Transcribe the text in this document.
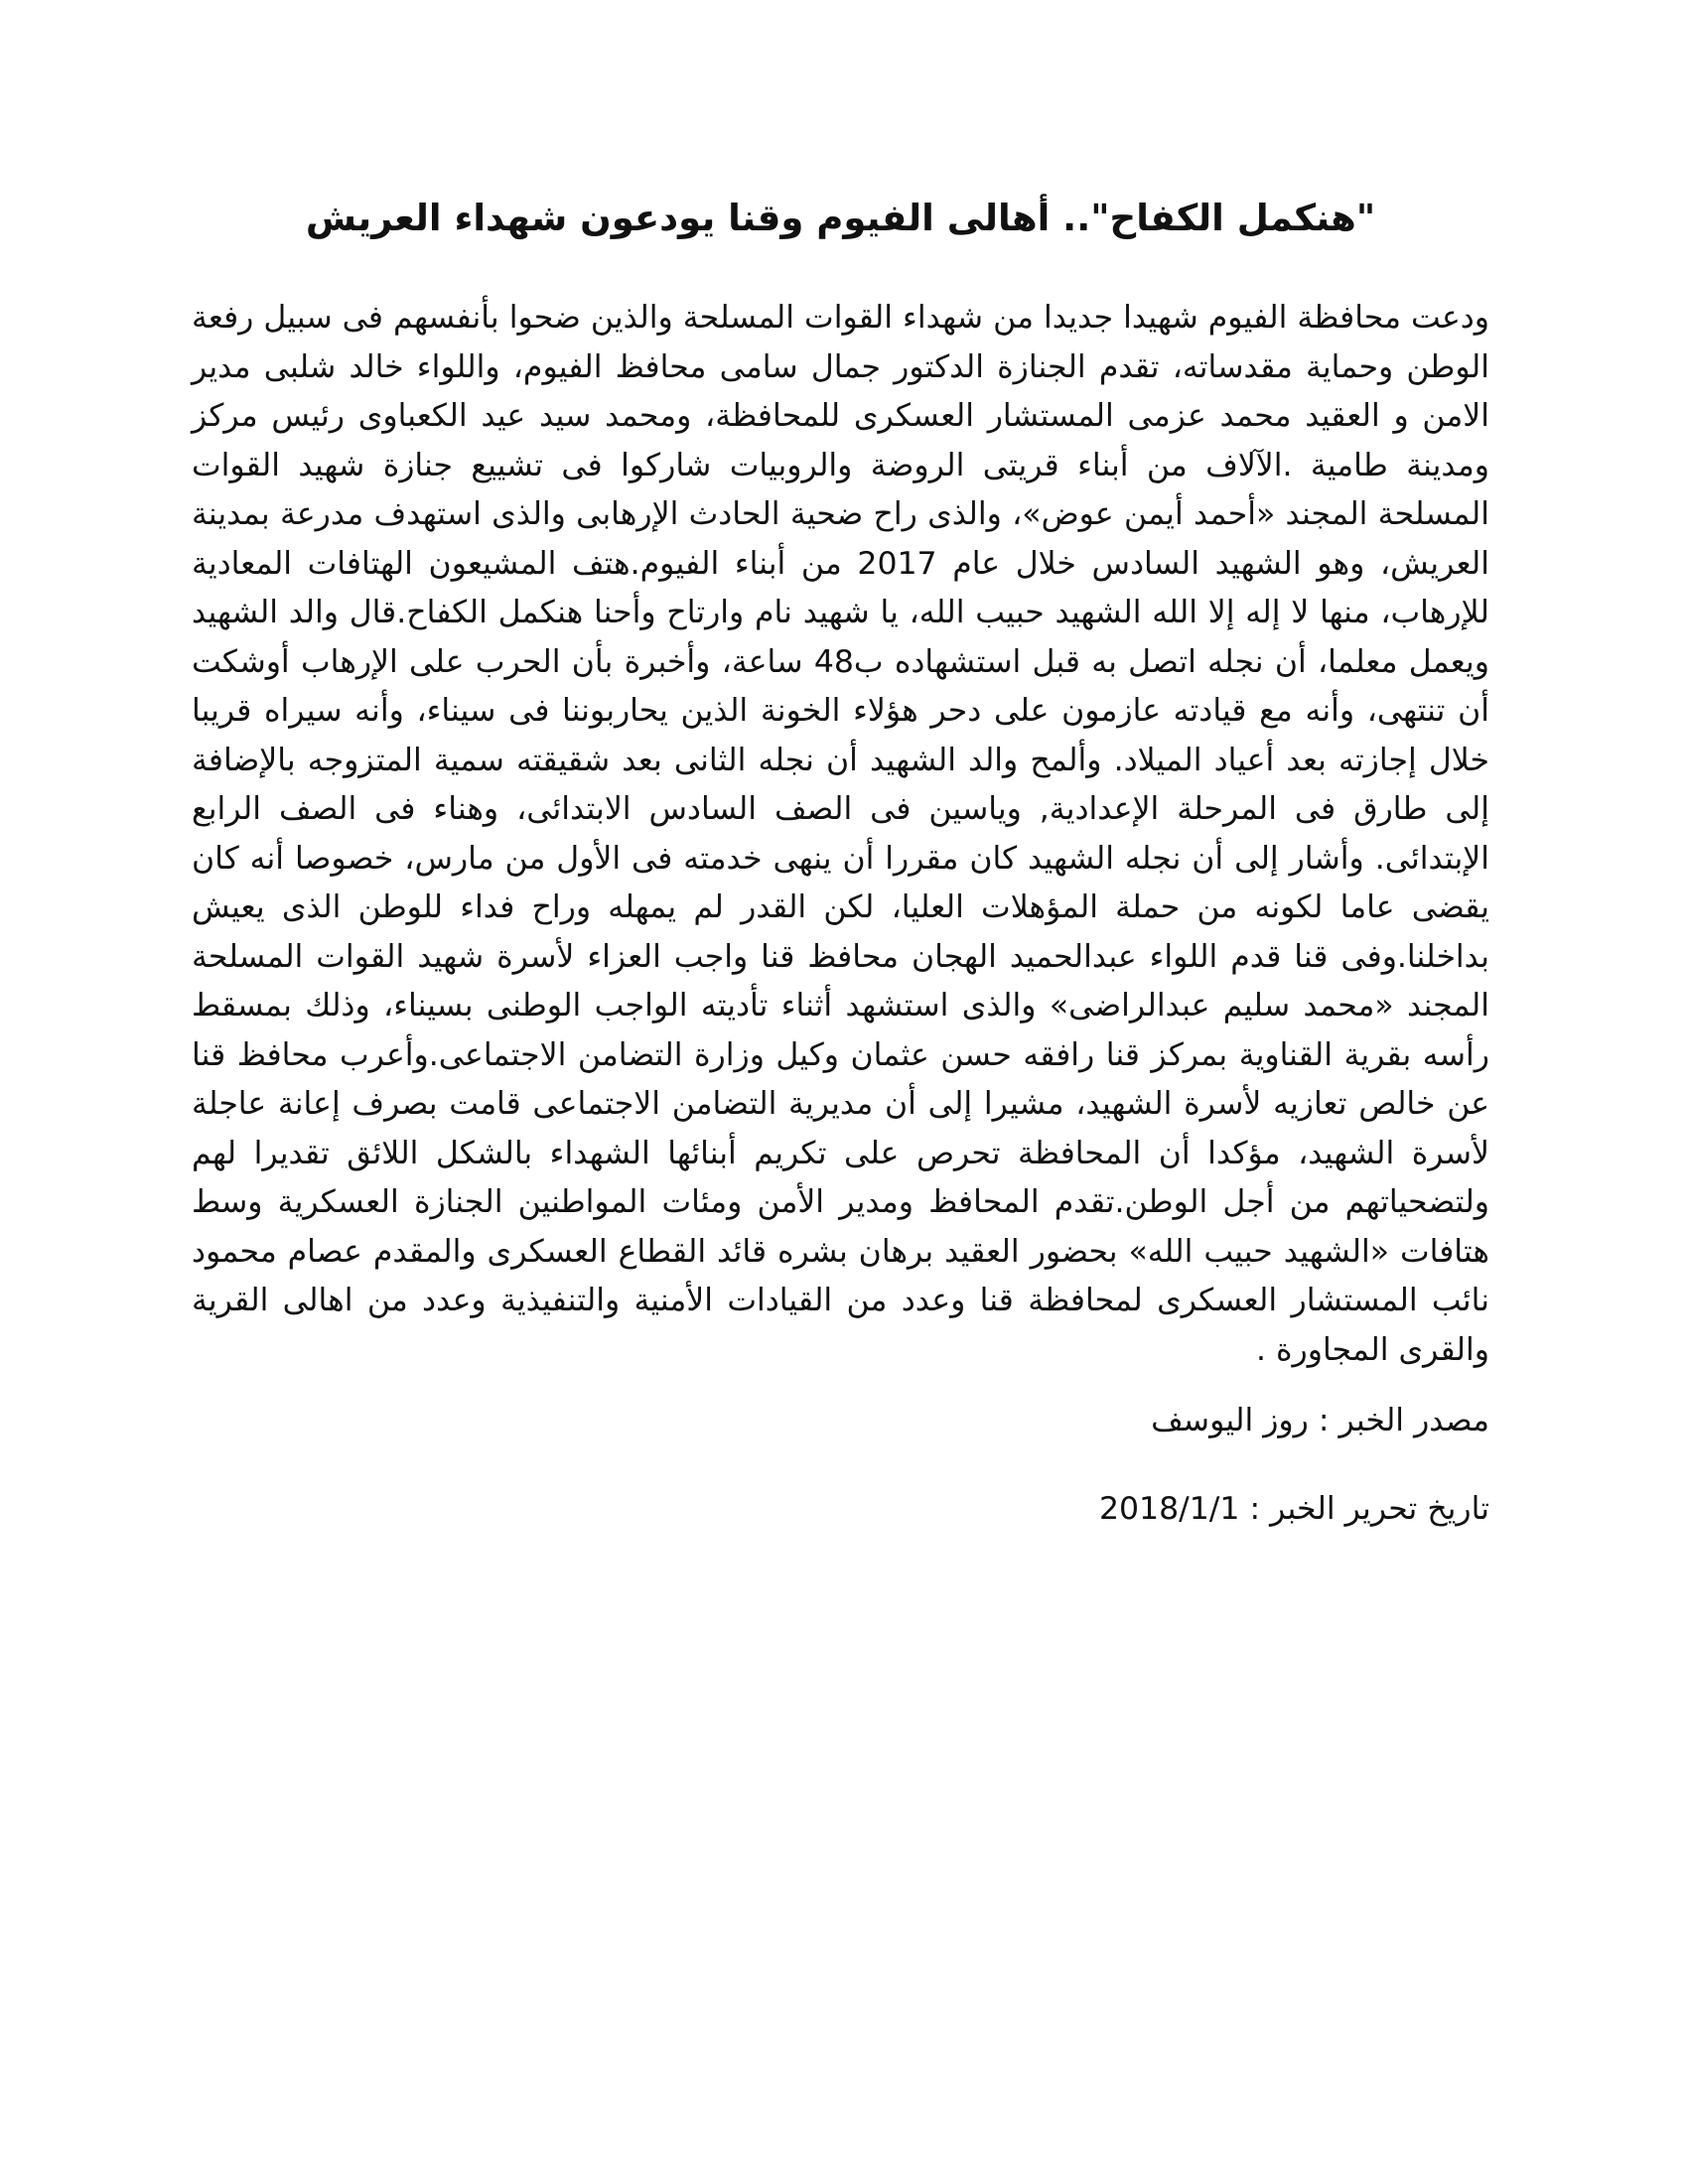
"هنكمل الكفاح".. أهالى الفيوم وقنا يودعون شهداء العريش

ودعت محافظة الفيوم شهيدا جديدا من شهداء القوات المسلحة والذين ضحوا بأنفسهم فى سبيل رفعة الوطن وحماية مقدساته، تقدم الجنازة الدكتور جمال سامى محافظ الفيوم، واللواء خالد شلبى مدير الامن و العقيد محمد عزمى المستشار العسكرى للمحافظة، ومحمد سيد عيد الكعباوى رئيس مركز ومدينة طامية .الآلاف من أبناء قريتى الروضة والروبيات شاركوا فى تشييع جنازة شهيد القوات المسلحة المجند «أحمد أيمن عوض»، والذى راح ضحية الحادث الإرهابى والذى استهدف مدرعة بمدينة العريش، وهو الشهيد السادس خلال عام 2017 من أبناء الفيوم.هتف المشيعون الهتافات المعادية للإرهاب، منها لا إله إلا الله الشهيد حبيب الله، يا شهيد نام وارتاح وأحنا هنكمل الكفاح.قال والد الشهيد ويعمل معلما، أن نجله اتصل به قبل استشهاده ب48 ساعة، وأخبرة بأن الحرب على الإرهاب أوشكت أن تنتهى، وأنه مع قيادته عازمون على دحر هؤلاء الخونة الذين يحاربوننا فى سيناء، وأنه سيراه قريبا خلال إجازته بعد أعياد الميلاد. وألمح والد الشهيد أن نجله الثانى بعد شقيقته سمية المتزوجه بالإضافة إلى طارق فى المرحلة الإعدادية, وياسين فى الصف السادس الابتدائى، وهناء فى الصف الرابع الإبتدائى. وأشار إلى أن نجله الشهيد كان مقررا أن ينهى خدمته فى الأول من مارس، خصوصا أنه كان يقضى عاما لكونه من حملة المؤهلات العليا، لكن القدر لم يمهله وراح فداء للوطن الذى يعيش بداخلنا.وفى قنا قدم اللواء عبدالحميد الهجان محافظ قنا واجب العزاء لأسرة شهيد القوات المسلحة المجند «محمد سليم عبدالراضى» والذى استشهد أثناء تأديته الواجب الوطنى بسيناء، وذلك بمسقط رأسه بقرية القناوية بمركز قنا رافقه حسن عثمان وكيل وزارة التضامن الاجتماعى.وأعرب محافظ قنا عن خالص تعازيه لأسرة الشهيد، مشيرا إلى أن مديرية التضامن الاجتماعى قامت بصرف إعانة عاجلة لأسرة الشهيد، مؤكدا أن المحافظة تحرص على تكريم أبنائها الشهداء بالشكل اللائق تقديرا لهم ولتضحياتهم من أجل الوطن.تقدم المحافظ ومدير الأمن ومئات المواطنين الجنازة العسكرية وسط هتافات «الشهيد حبيب الله» بحضور العقيد برهان بشره قائد القطاع العسكرى والمقدم عصام محمود نائب المستشار العسكرى لمحافظة قنا وعدد من القيادات الأمنية والتنفيذية وعدد من اهالى القرية والقرى المجاورة .

مصدر الخبر : روز اليوسف

تاريخ تحرير الخبر : 2018/1/1
